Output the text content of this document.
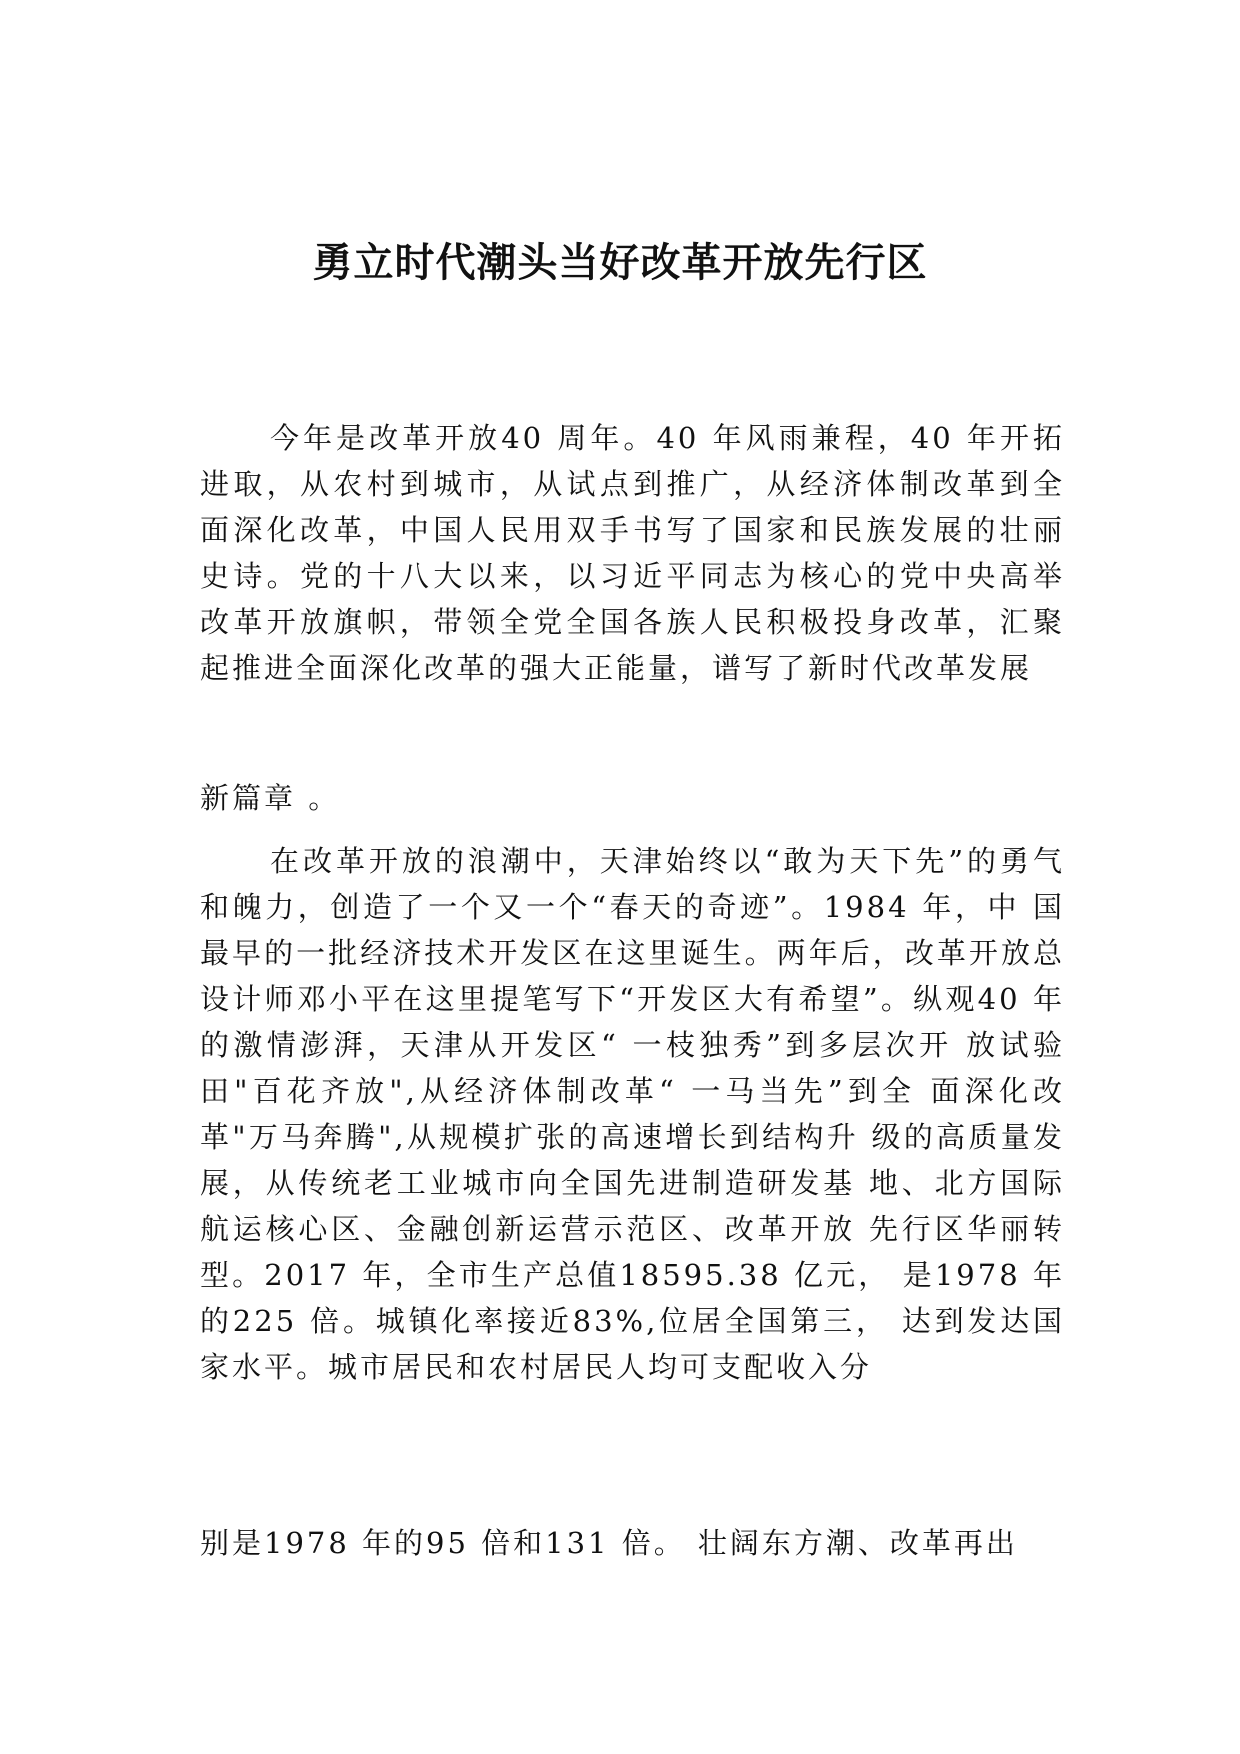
勇立时代潮头当好改革开放先行区

今年是改革开放40 周年。40 年风雨兼程，40 年开拓 进取，从农村到城市，从试点到推广，从经济体制改革到全 面深化改革，中国人民用双手书写了国家和民族发展的壮丽 史诗。党的十八大以来，以习近平同志为核心的党中央高举 改革开放旗帜，带领全党全国各族人民积极投身改革，汇聚 起推进全面深化改革的强大正能量，谱写了新时代改革发展

新篇章 。

在改革开放的浪潮中，天津始终以“敢为天下先”的勇气和魄力，创造了一个又一个“春天的奇迹”。1984 年，中 国最早的一批经济技术开发区在这里诞生。两年后，改革开放总设计师邓小平在这里提笔写下“开发区大有希望”。纵观40 年的激情澎湃，天津从开发区“ 一枝独秀”到多层次开 放试验田"百花齐放",从经济体制改革“ 一马当先”到全 面深化改革"万马奔腾",从规模扩张的高速增长到结构升 级的高质量发展，从传统老工业城市向全国先进制造研发基 地、北方国际航运核心区、金融创新运营示范区、改革开放 先行区华丽转型。2017 年，全市生产总值18595.38 亿元， 是1978 年的225 倍。城镇化率接近83%,位居全国第三， 达到发达国家水平。城市居民和农村居民人均可支配收入分

别是1978 年的95 倍和131 倍。 壮阔东方潮、改革再出
